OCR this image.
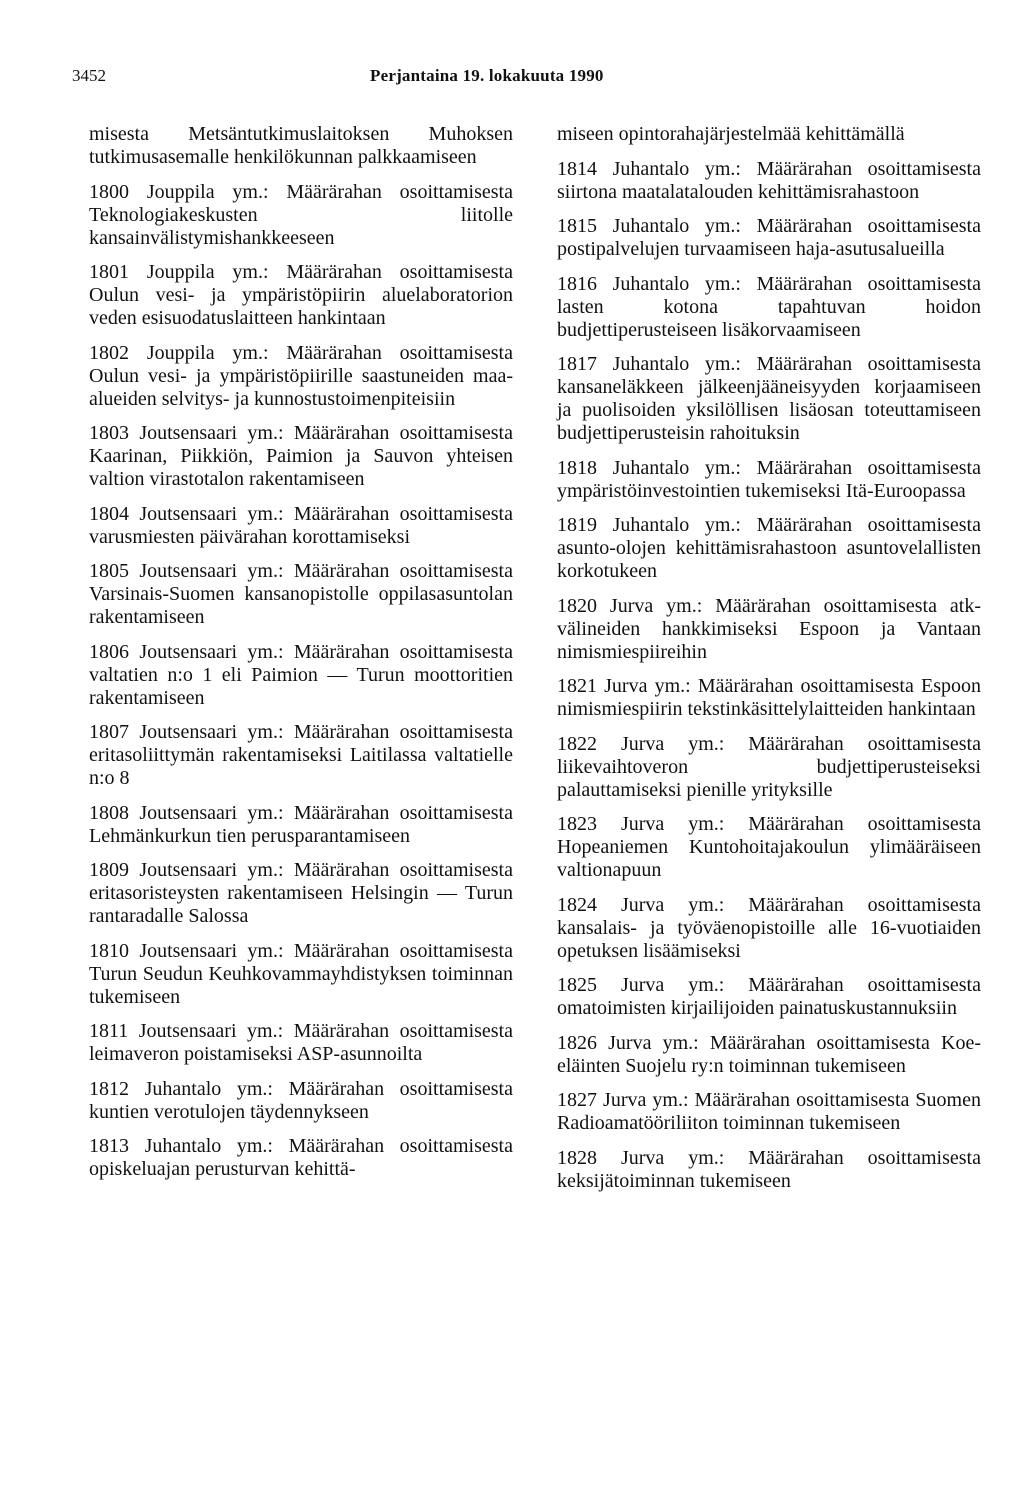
3452	Perjantaina 19. lokakuuta 1990

misesta Metsäntutkimuslaitoksen Muhoksen tutkimusasemalle henkilökunnan palkkaamiseen

1800 Jouppila ym.: Määrärahan osoittamisesta Teknologiakeskusten liitolle kansainvälistymishankkeeseen

1801 Jouppila ym.: Määrärahan osoittamisesta Oulun vesi- ja ympäristöpiirin aluelaboratorion veden esisuodatuslaitteen hankintaan

1802 Jouppila ym.: Määrärahan osoittamisesta Oulun vesi- ja ympäristöpiirille saastuneiden maa-alueiden selvitys- ja kunnostustoimenpiteisiin

1803 Joutsensaari ym.: Määrärahan osoittamisesta Kaarinan, Piikkiön, Paimion ja Sauvon yhteisen valtion virastotalon rakentamiseen

1804 Joutsensaari ym.: Määrärahan osoittamisesta varusmiesten päivärahan korottamiseksi

1805 Joutsensaari ym.: Määrärahan osoittamisesta Varsinais-Suomen kansanopistolle oppilasasuntolan rakentamiseen

1806 Joutsensaari ym.: Määrärahan osoittamisesta valtatien n:o 1 eli Paimion — Turun moottoritien rakentamiseen

1807 Joutsensaari ym.: Määrärahan osoittamisesta eritasoliittymän rakentamiseksi Laitilassa valtatielle n:o 8

1808 Joutsensaari ym.: Määrärahan osoittamisesta Lehmänkurkun tien perusparantamiseen

1809 Joutsensaari ym.: Määrärahan osoittamisesta eritasoristeysten rakentamiseen Helsingin — Turun rantaradalle Salossa

1810 Joutsensaari ym.: Määrärahan osoittamisesta Turun Seudun Keuhkovammayhdistyksen toiminnan tukemiseen

1811 Joutsensaari ym.: Määrärahan osoittamisesta leimaveron poistamiseksi ASP-asunnoilta

1812 Juhantalo ym.: Määrärahan osoittamisesta kuntien verotulojen täydennykseen

1813 Juhantalo ym.: Määrärahan osoittamisesta opiskeluajan perusturvan kehittä-

miseen opintorahajärjestelmää kehittämällä

1814 Juhantalo ym.: Määrärahan osoittamisesta siirtona maatalatalouden kehittämisrahastoon

1815 Juhantalo ym.: Määrärahan osoittamisesta postipalvelujen turvaamiseen haja-asutusalueilla

1816 Juhantalo ym.: Määrärahan osoittamisesta lasten kotona tapahtuvan hoidon budjettiperusteiseen lisäkorvaamiseen

1817 Juhantalo ym.: Määrärahan osoittamisesta kansaneläkkeen jälkeenjääneisyyden korjaamiseen ja puolisoiden yksilöllisen lisäosan toteuttamiseen budjettiperusteisin rahoituksin

1818 Juhantalo ym.: Määrärahan osoittamisesta ympäristöinvestointien tukemiseksi Itä-Euroopassa

1819 Juhantalo ym.: Määrärahan osoittamisesta asunto-olojen kehittämisrahastoon asuntovelallisten korkotukeen

1820 Jurva ym.: Määrärahan osoittamisesta atk-välineiden hankkimiseksi Espoon ja Vantaan nimismiespiireihin

1821 Jurva ym.: Määrärahan osoittamisesta Espoon nimismiespiirin tekstinkäsittelylaitteiden hankintaan

1822 Jurva ym.: Määrärahan osoittamisesta liikevaihtoveron budjettiperusteiseksi palauttamiseksi pienille yrityksille

1823 Jurva ym.: Määrärahan osoittamisesta Hopeaniemen Kuntohoitajakoulun ylimääräiseen valtionapuun

1824 Jurva ym.: Määrärahan osoittamisesta kansalais- ja työväenopistoille alle 16-vuotiaiden opetuksen lisäämiseksi

1825 Jurva ym.: Määrärahan osoittamisesta omatoimisten kirjailijoiden painatuskustannuksiin

1826 Jurva ym.: Määrärahan osoittamisesta Koe-eläinten Suojelu ry:n toiminnan tukemiseen

1827 Jurva ym.: Määrärahan osoittamisesta Suomen Radioamatööriliiton toiminnan tukemiseen

1828 Jurva ym.: Määrärahan osoittamisesta keksijätoiminnan tukemiseen
